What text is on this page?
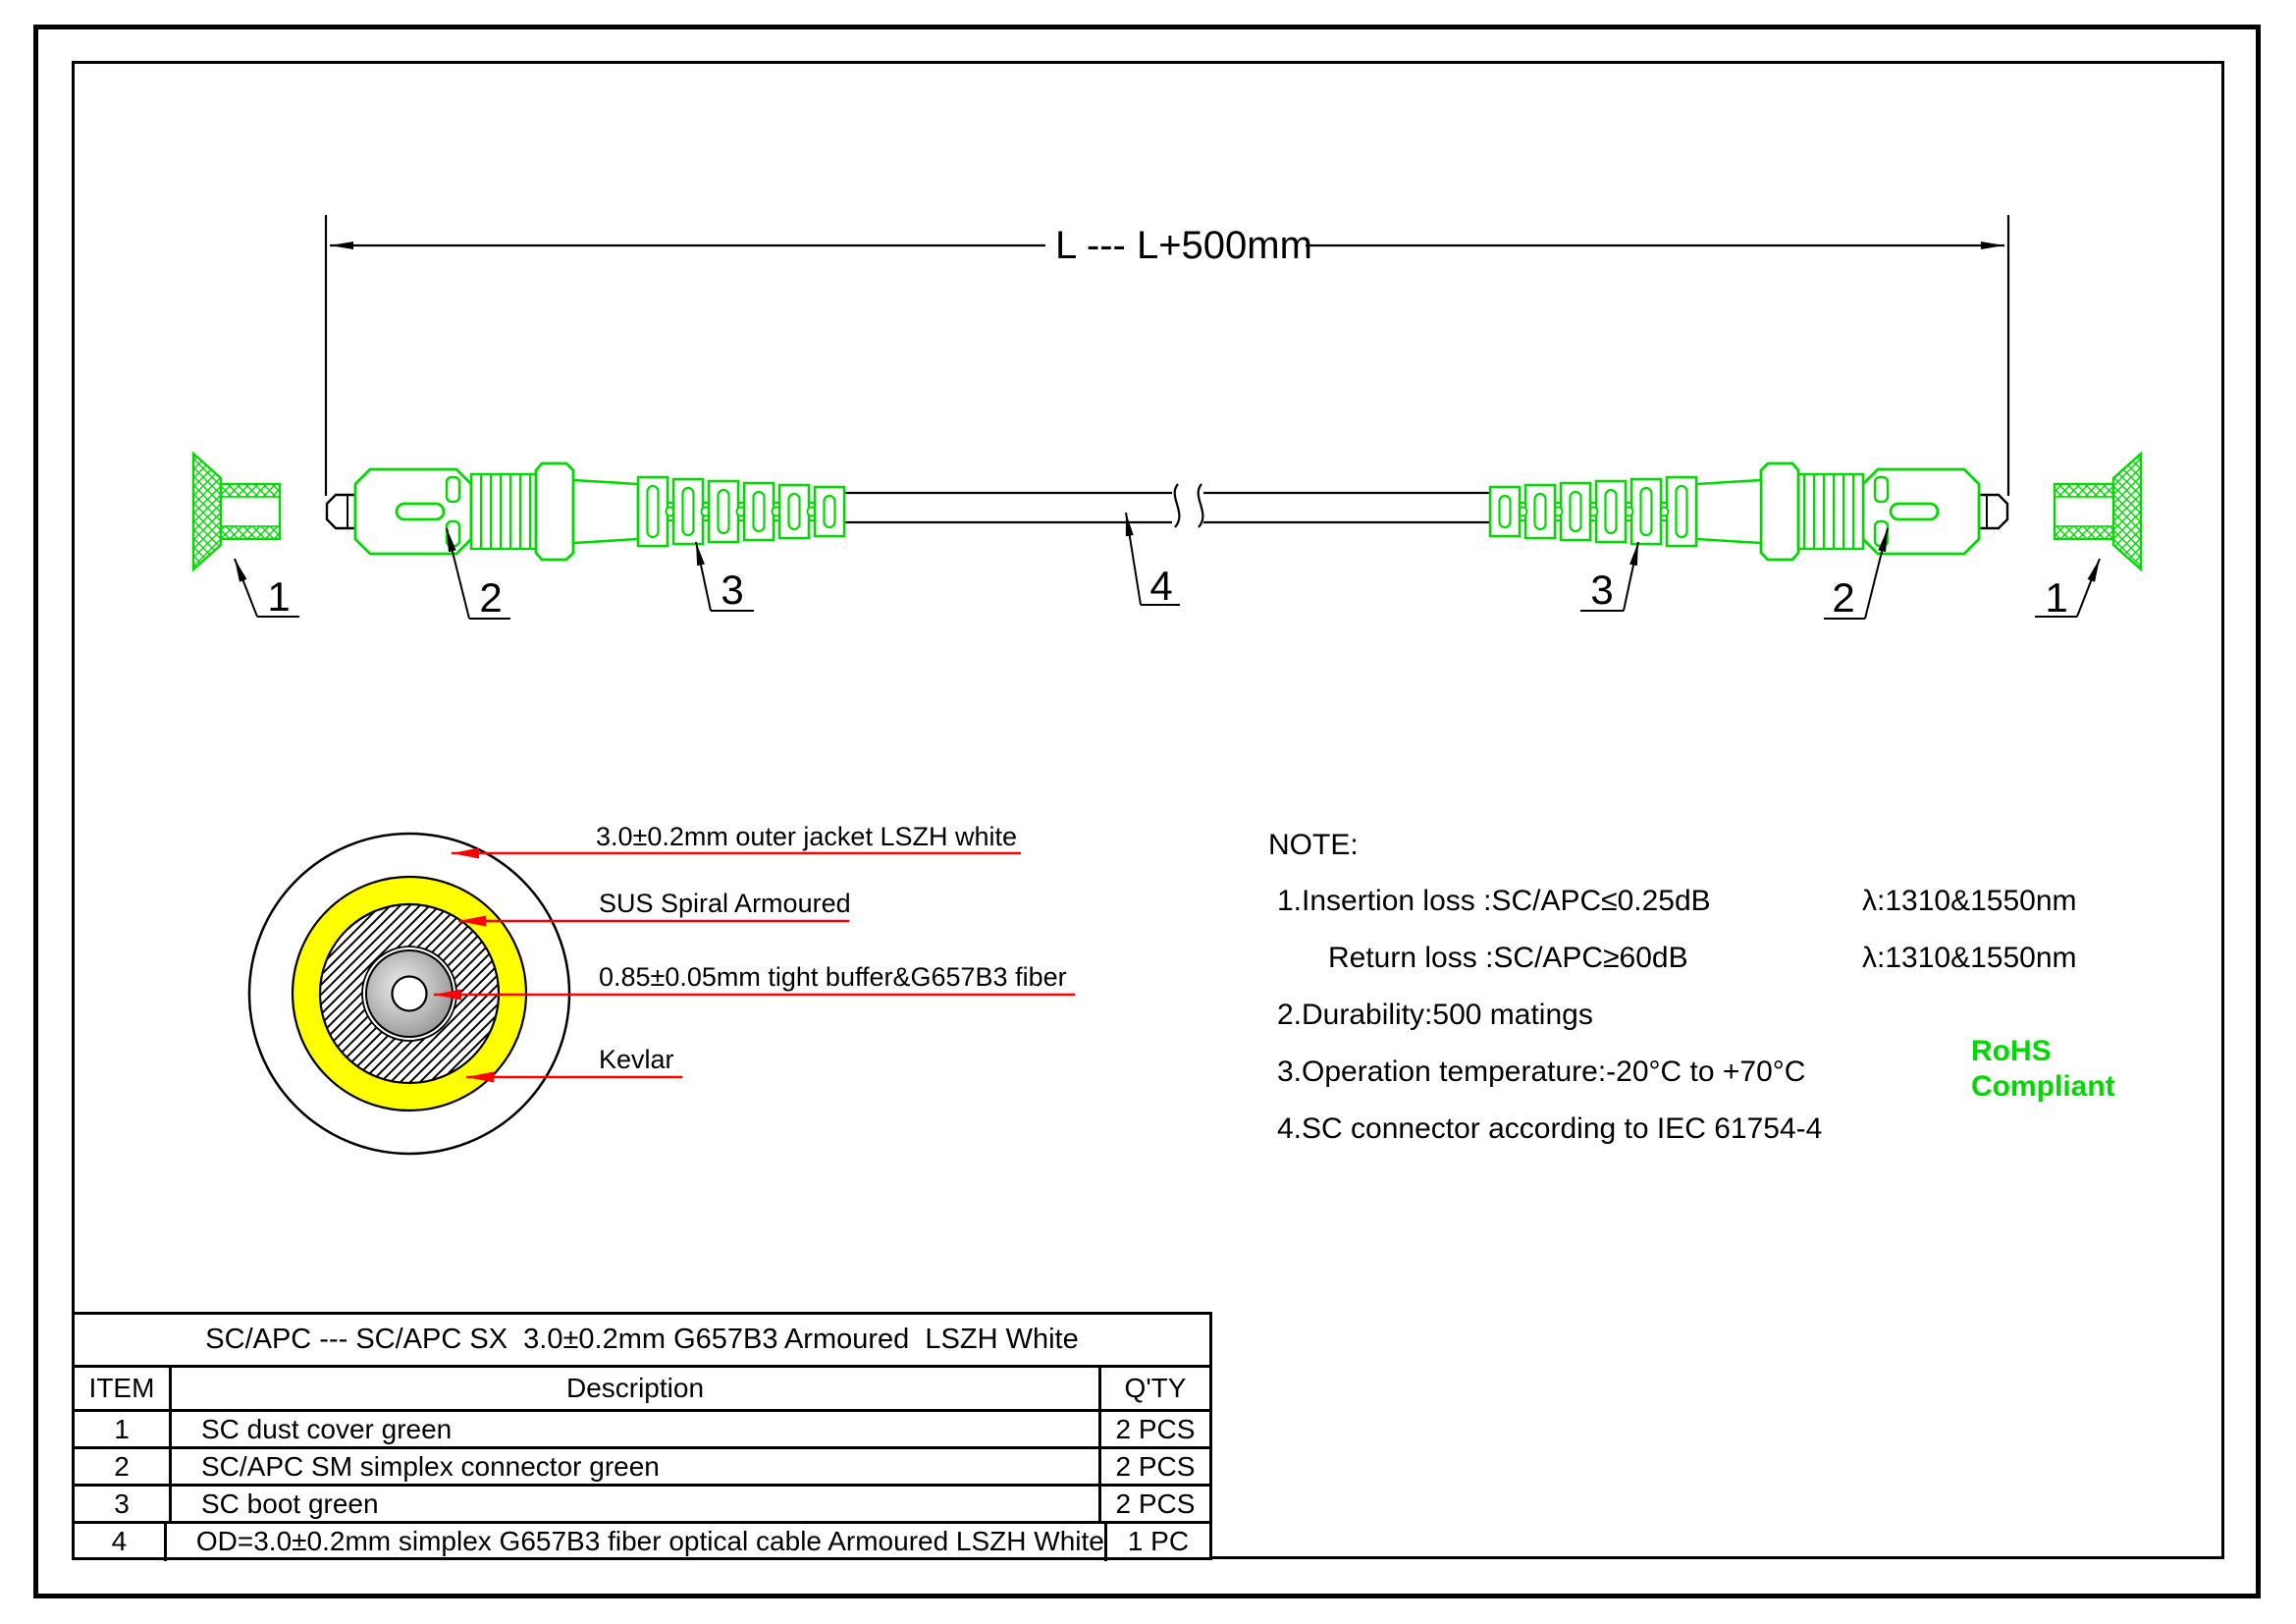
L --- L+500mm
1	2	3	4	3	2	1
3.0±0.2mm outer jacket LSZH white
SUS Spiral Armoured
0.85±0.05mm tight buffer&G657B3 fiber
Kevlar
NOTE:
1.Insertion loss :SC/APC≤0.25dB
Return loss :SC/APC≥60dB
2.Durability:500 matings
3.Operation temperature:-20°C to +70°C
4.SC connector according to IEC 61754-4
λ:1310&1550nm
λ:1310&1550nm
RoHS
Compliant
SC/APC --- SC/APC SX  3.0±0.2mm G657B3 Armoured  LSZH White
ITEM	Description	Q'TY
1	SC dust cover green	2 PCS
2	SC/APC SM simplex connector green	2 PCS
3	SC boot green	2 PCS
4	OD=3.0±0.2mm simplex G657B3 fiber optical cable Armoured LSZH White 1 PC
